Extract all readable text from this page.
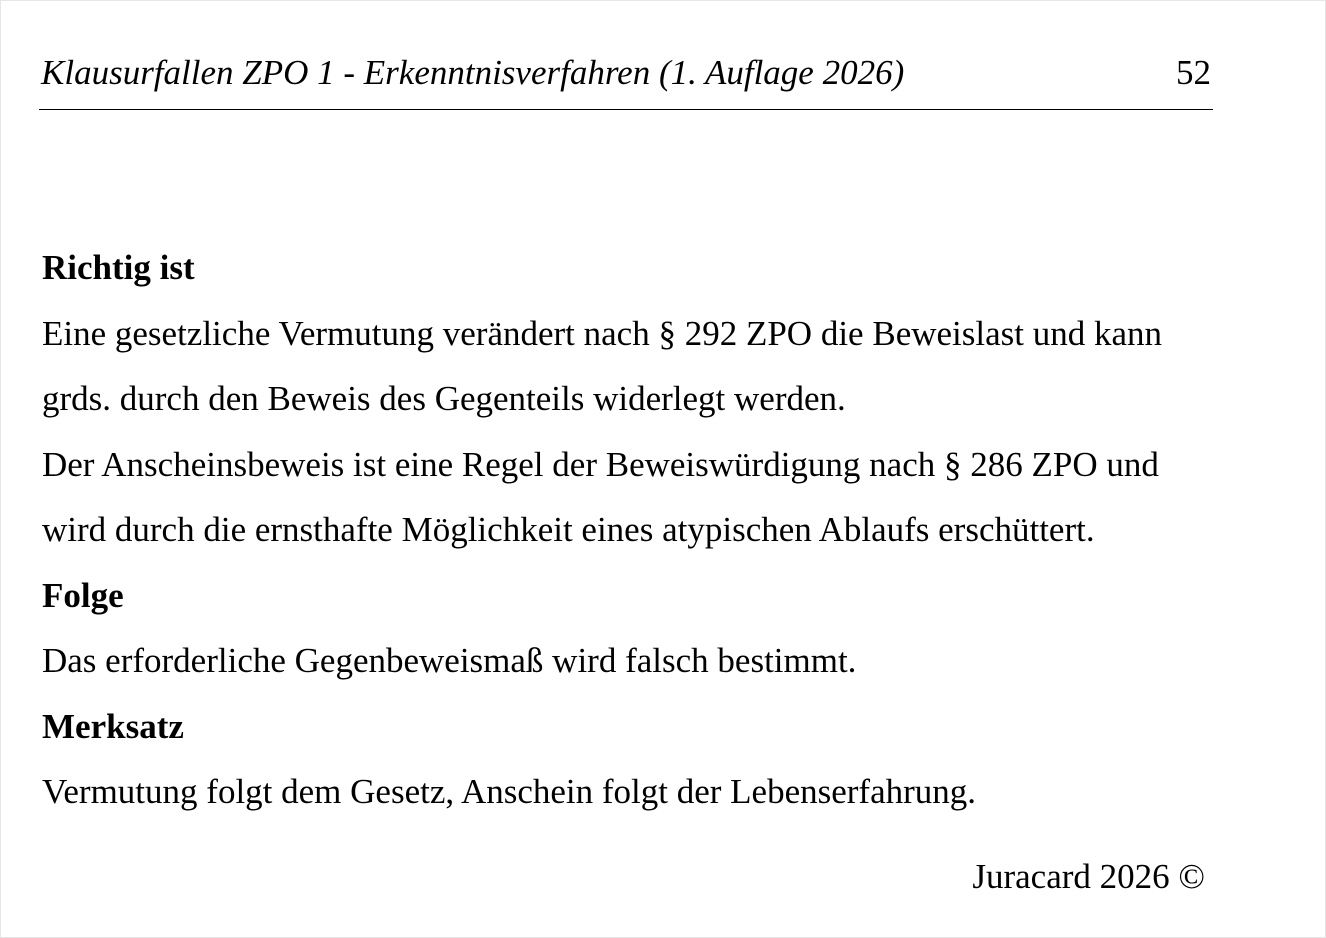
Klausurfallen ZPO 1 - Erkenntnisverfahren (1. Auflage 2026)	52
Richtig ist
Eine gesetzliche Vermutung verändert nach § 292 ZPO die Beweislast und kann
grds. durch den Beweis des Gegenteils widerlegt werden.
Der Anscheinsbeweis ist eine Regel der Beweiswürdigung nach § 286 ZPO und
wird durch die ernsthafte Möglichkeit eines atypischen Ablaufs erschüttert.
Folge
Das erforderliche Gegenbeweismaß wird falsch bestimmt.
Merksatz
Vermutung folgt dem Gesetz, Anschein folgt der Lebenserfahrung.
Juracard 2026 ©
